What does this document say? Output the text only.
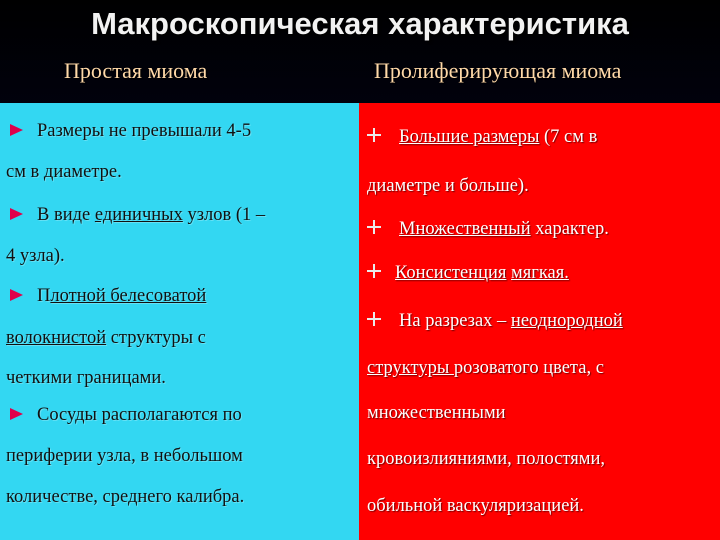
Макроскопическая характеристика
Простая миома	Пролиферирующая миома
Размеры не превышали 4-5
см в диаметре.
В виде единичных узлов (1 –
4 узла).
Плотной белесоватой
волокнистой структуры с
четкими границами.
Сосуды располагаются по
периферии узла, в небольшом
количестве, среднего калибра.
Большие размеры (7 см в
диаметре и больше).
Множественный характер.
Консистенция мягкая.
На разрезах – неоднородной
структуры розоватого цвета, с
множественными
кровоизлияниями, полостями,
обильной васкуляризацией.
